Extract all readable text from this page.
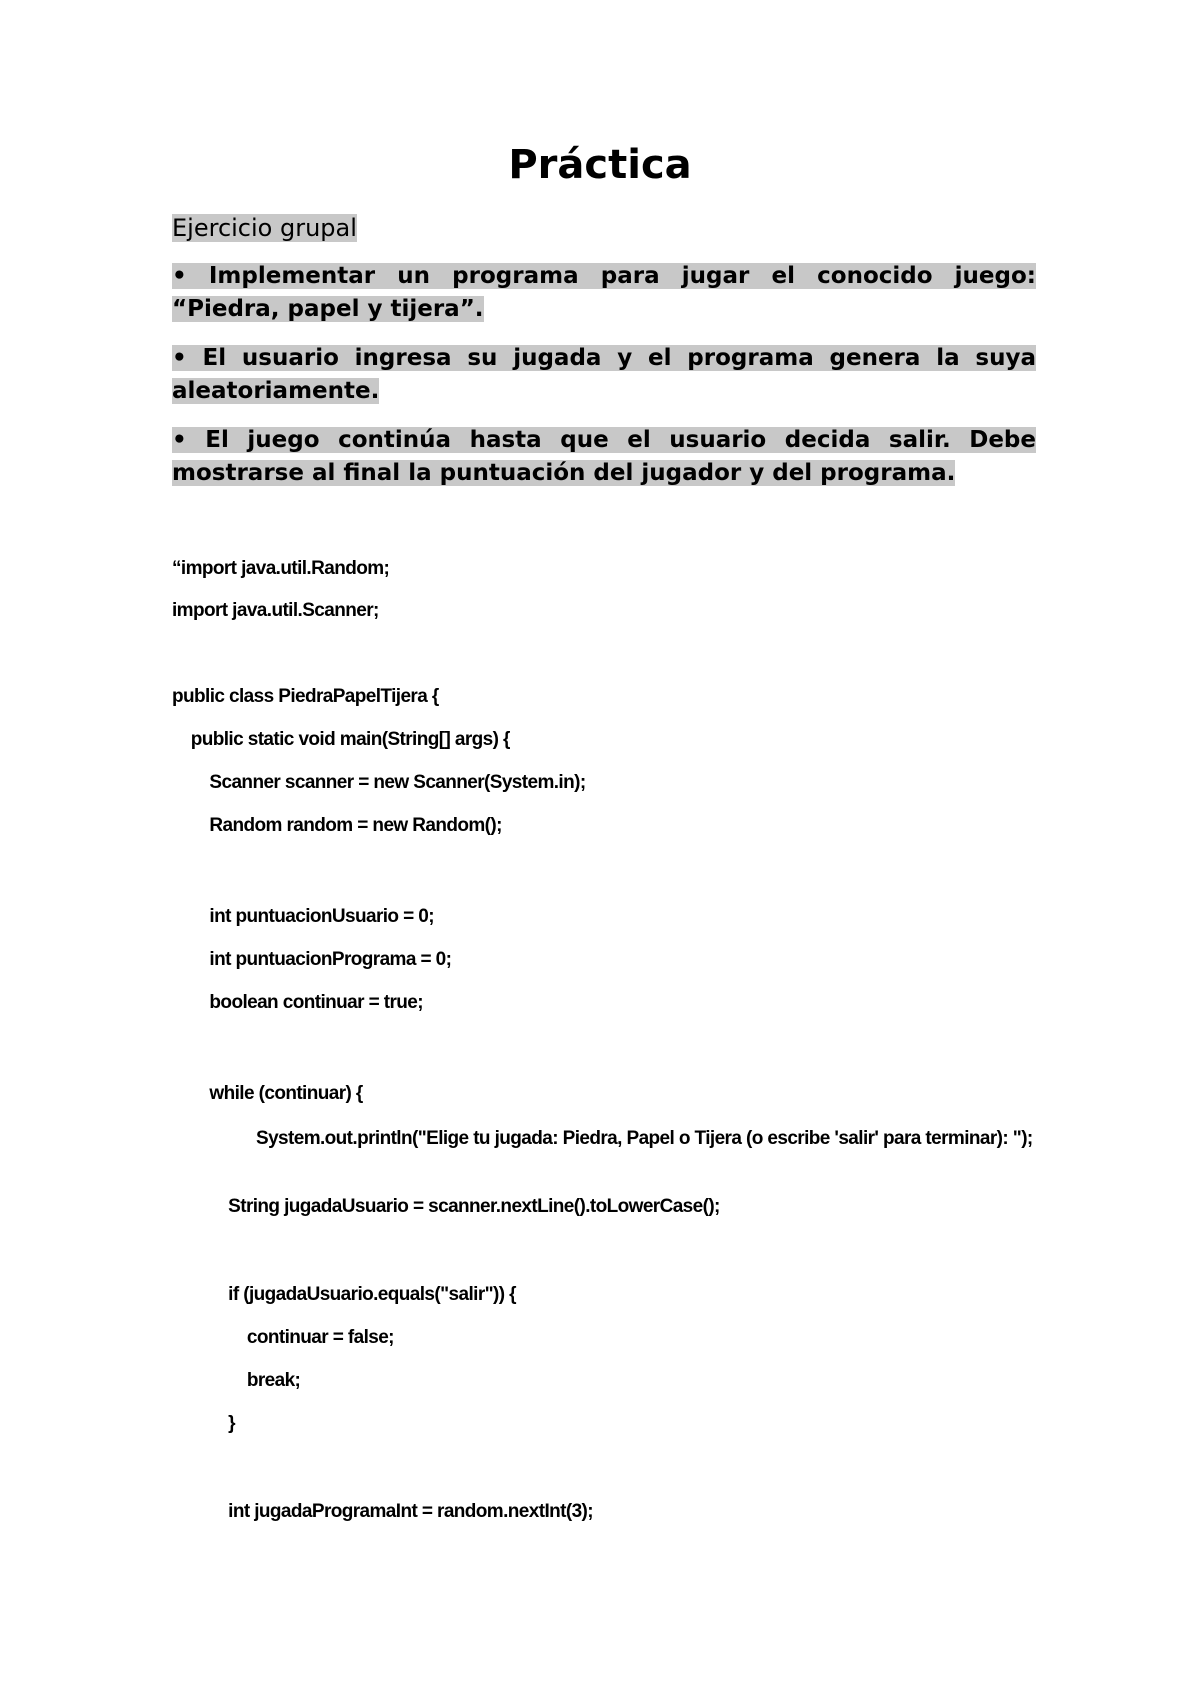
Práctica
Ejercicio grupal
• Implementar un programa para jugar el conocido juego: “Piedra, papel y tijera”.
• El usuario ingresa su jugada y el programa genera la suya aleatoriamente.
• El juego continúa hasta que el usuario decida salir. Debe mostrarse al final la puntuación del jugador y del programa.
“import java.util.Random;
import java.util.Scanner;
public class PiedraPapelTijera {
public static void main(String[] args) {
Scanner scanner = new Scanner(System.in);
Random random = new Random();
int puntuacionUsuario = 0;
int puntuacionPrograma = 0;
boolean continuar = true;
while (continuar) {
System.out.println("Elige tu jugada: Piedra, Papel o Tijera (o escribe 'salir' para terminar): ");
String jugadaUsuario = scanner.nextLine().toLowerCase();
if (jugadaUsuario.equals("salir")) {
continuar = false;
break;
}
int jugadaProgramaInt = random.nextInt(3);
